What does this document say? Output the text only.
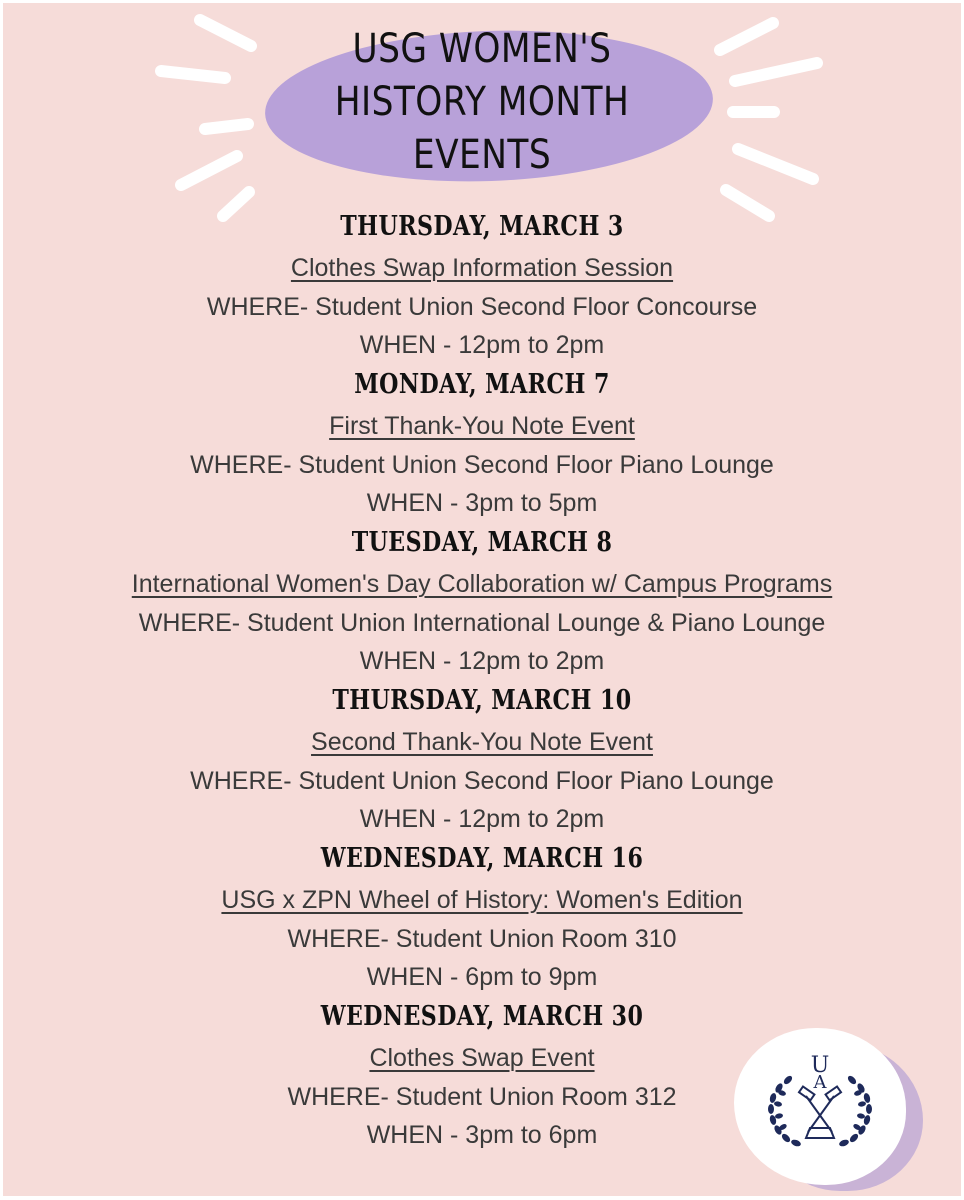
USG WOMEN'S
HISTORY MONTH
EVENTS
THURSDAY, MARCH 3
Clothes Swap Information Session
WHERE- Student Union Second Floor Concourse
WHEN - 12pm to 2pm
MONDAY, MARCH 7
First Thank-You Note Event
WHERE- Student Union Second Floor Piano Lounge
WHEN - 3pm to 5pm
TUESDAY, MARCH 8
International Women's Day Collaboration w/ Campus Programs
WHERE- Student Union International Lounge & Piano Lounge
WHEN - 12pm to 2pm
THURSDAY, MARCH 10
Second Thank-You Note Event
WHERE- Student Union Second Floor Piano Lounge
WHEN - 12pm to 2pm
WEDNESDAY, MARCH 16
USG x ZPN Wheel of History: Women's Edition
WHERE- Student Union Room 310
WHEN - 6pm to 9pm
WEDNESDAY, MARCH 30
Clothes Swap Event
WHERE- Student Union Room 312
WHEN - 3pm to 6pm
U
A
